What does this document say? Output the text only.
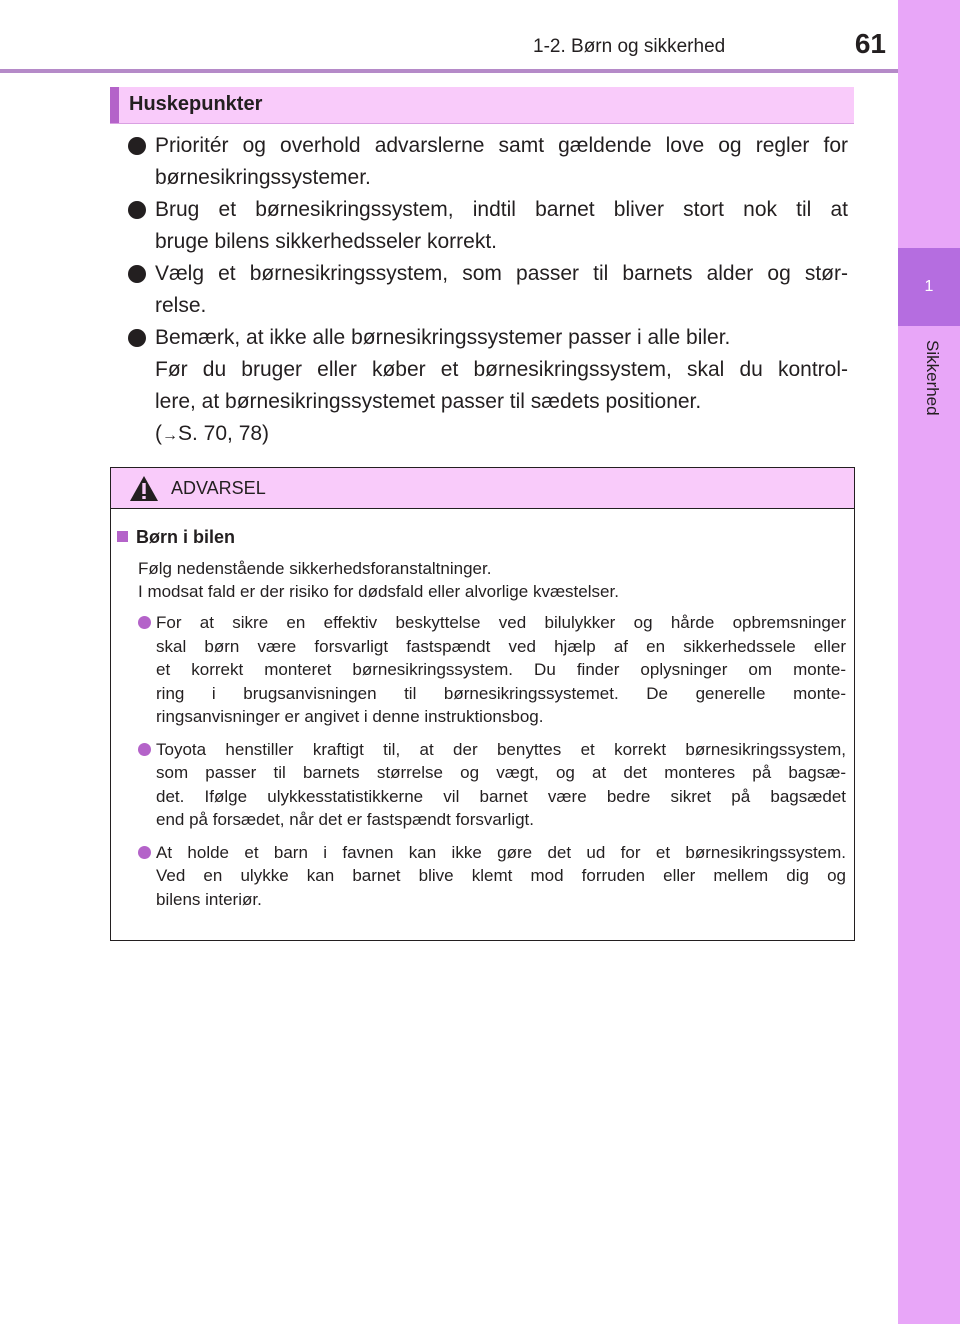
1-2. Børn og sikkerhed	61
1
Sikkerhed
Huskepunkter
Prioritér og overhold advarslerne samt gældende love og regler for
børnesikringssystemer.
Brug et børnesikringssystem, indtil barnet bliver stort nok til at
bruge bilens sikkerhedsseler korrekt.
Vælg et børnesikringssystem, som passer til barnets alder og stør-
relse.
Bemærk, at ikke alle børnesikringssystemer passer i alle biler.
Før du bruger eller køber et børnesikringssystem, skal du kontrol-
lere, at børnesikringssystemet passer til sædets positioner.
(→S. 70, 78)
ADVARSEL
Børn i bilen
Følg nedenstående sikkerhedsforanstaltninger.
I modsat fald er der risiko for dødsfald eller alvorlige kvæstelser.
For at sikre en effektiv beskyttelse ved bilulykker og hårde opbremsninger
skal børn være forsvarligt fastspændt ved hjælp af en sikkerhedssele eller
et korrekt monteret børnesikringssystem. Du finder oplysninger om monte-
ring i brugsanvisningen til børnesikringssystemet. De generelle monte-
ringsanvisninger er angivet i denne instruktionsbog.
Toyota henstiller kraftigt til, at der benyttes et korrekt børnesikringssystem,
som passer til barnets størrelse og vægt, og at det monteres på bagsæ-
det. Ifølge ulykkesstatistikkerne vil barnet være bedre sikret på bagsædet
end på forsædet, når det er fastspændt forsvarligt.
At holde et barn i favnen kan ikke gøre det ud for et børnesikringssystem.
Ved en ulykke kan barnet blive klemt mod forruden eller mellem dig og
bilens interiør.
